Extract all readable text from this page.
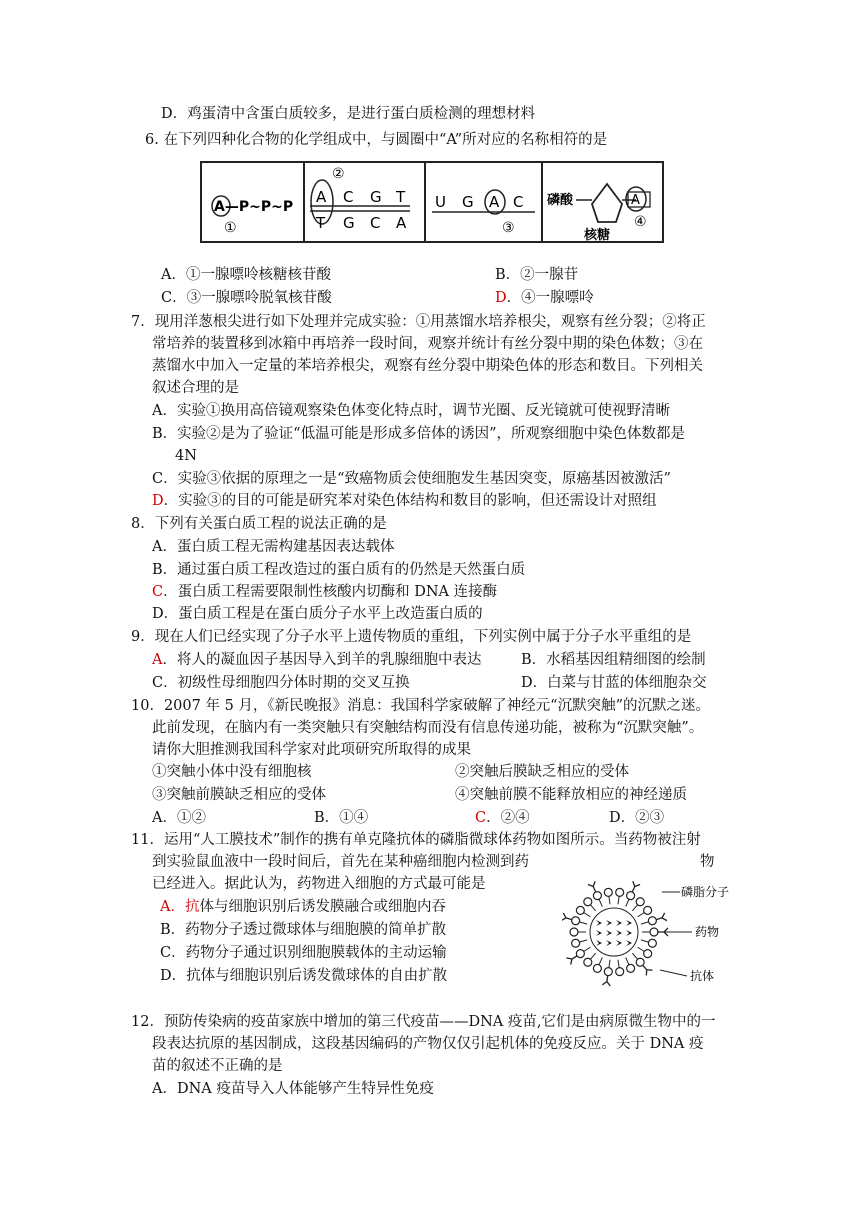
D．鸡蛋清中含蛋白质较多，是进行蛋白质检测的理想材料
6. 在下列四种化合物的化学组成中，与圆圈中“A”所对应的名称相符的是
A—P~P~P
①
②
A C G T
T G C A
U G A C
③
磷酸	A
核糖
④
A．①一腺嘌呤核糖核苷酸	B．②一腺苷
C．③一腺嘌呤脱氧核苷酸	D．④一腺嘌呤
7．现用洋葱根尖进行如下处理并完成实验：①用蒸馏水培养根尖，观察有丝分裂；②将正
常培养的装置移到冰箱中再培养一段时间，观察并统计有丝分裂中期的染色体数；③在
蒸馏水中加入一定量的苯培养根尖，观察有丝分裂中期染色体的形态和数目。下列相关
叙述合理的是
A．实验①换用高倍镜观察染色体变化特点时，调节光圈、反光镜就可使视野清晰
B．实验②是为了验证“低温可能是形成多倍体的诱因”，所观察细胞中染色体数都是
4N
C．实验③依据的原理之一是“致癌物质会使细胞发生基因突变，原癌基因被激活”
D．实验③的目的可能是研究苯对染色体结构和数目的影响，但还需设计对照组
8．下列有关蛋白质工程的说法正确的是
A．蛋白质工程无需构建基因表达载体
B．通过蛋白质工程改造过的蛋白质有的仍然是天然蛋白质
C．蛋白质工程需要限制性核酸内切酶和 DNA 连接酶
D．蛋白质工程是在蛋白质分子水平上改造蛋白质的
9．现在人们已经实现了分子水平上遗传物质的重组，下列实例中属于分子水平重组的是
A．将人的凝血因子基因导入到羊的乳腺细胞中表达	B．水稻基因组精细图的绘制
C．初级性母细胞四分体时期的交叉互换	D．白菜与甘蓝的体细胞杂交
10．2007 年 5 月，《新民晚报》消息：我国科学家破解了神经元“沉默突触”的沉默之迷。
此前发现，在脑内有一类突触只有突触结构而没有信息传递功能，被称为“沉默突触”。
请你大胆推测我国科学家对此项研究所取得的成果
①突触小体中没有细胞核	②突触后膜缺乏相应的受体
③突触前膜缺乏相应的受体	④突触前膜不能释放相应的神经递质
A．①②	B．①④	C．②④	D．②③
11．运用“人工膜技术”制作的携有单克隆抗体的磷脂微球体药物如图所示。当药物被注射
到实验鼠血液中一段时间后，首先在某种癌细胞内检测到药	物
已经进入。据此认为，药物进入细胞的方式最可能是
A．抗体与细胞识别后诱发膜融合或细胞内吞
B．药物分子透过微球体与细胞膜的简单扩散
C．药物分子通过识别细胞膜载体的主动运输
D．抗体与细胞识别后诱发微球体的自由扩散
磷脂分子
药物
抗体
12．预防传染病的疫苗家族中增加的第三代疫苗——DNA 疫苗,它们是由病原微生物中的一
段表达抗原的基因制成，这段基因编码的产物仅仅引起机体的免疫反应。关于 DNA 疫
苗的叙述不正确的是
A．DNA 疫苗导入人体能够产生特异性免疫
